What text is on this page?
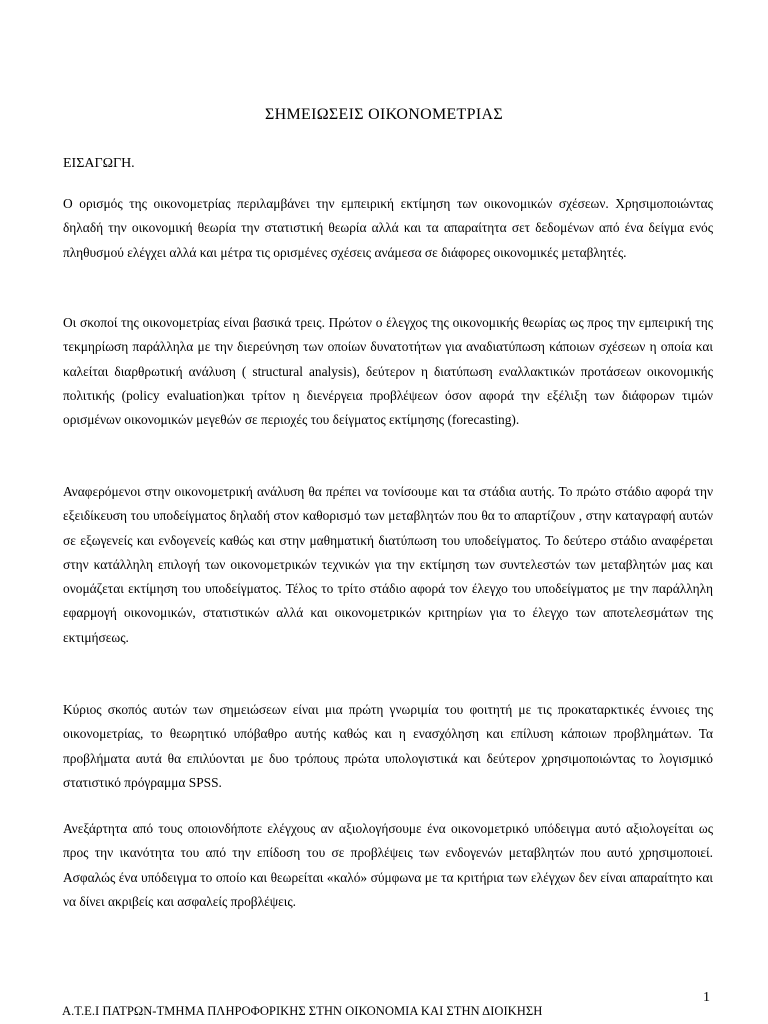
ΣΗΜΕΙΩΣΕΙΣ ΟΙΚΟΝΟΜΕΤΡΙΑΣ
ΕΙΣΑΓΩΓΗ.

Ο ορισμός της οικονομετρίας περιλαμβάνει την εμπειρική εκτίμηση των οικονομικών σχέσεων. Χρησιμοποιώντας δηλαδή την οικονομική θεωρία την στατιστική θεωρία αλλά και τα απαραίτητα σετ δεδομένων από ένα δείγμα ενός πληθυσμού ελέγχει αλλά και μέτρα τις ορισμένες σχέσεις ανάμεσα σε διάφορες οικονομικές μεταβλητές.

Οι σκοποί της οικονομετρίας είναι βασικά τρεις. Πρώτον ο έλεγχος της οικονομικής θεωρίας ως προς την εμπειρική της τεκμηρίωση παράλληλα με την διερεύνηση των οποίων δυνατοτήτων για αναδιατύπωση κάποιων σχέσεων η οποία και καλείται διαρθρωτική ανάλυση ( structural analysis), δεύτερον η διατύπωση εναλλακτικών προτάσεων οικονομικής πολιτικής (policy evaluation)και τρίτον η διενέργεια προβλέψεων όσον αφορά την εξέλιξη των διάφορων τιμών ορισμένων οικονομικών μεγεθών σε περιοχές του δείγματος εκτίμησης (forecasting).

Αναφερόμενοι στην οικονομετρική ανάλυση θα πρέπει να τονίσουμε και τα στάδια αυτής. Το πρώτο στάδιο αφορά την εξειδίκευση του υποδείγματος δηλαδή στον καθορισμό των μεταβλητών που θα το απαρτίζουν , στην καταγραφή αυτών σε εξωγενείς και ενδογενείς καθώς και στην μαθηματική διατύπωση του υποδείγματος. Το δεύτερο στάδιο αναφέρεται στην κατάλληλη επιλογή των οικονομετρικών τεχνικών για την εκτίμηση των συντελεστών των μεταβλητών μας και ονομάζεται εκτίμηση του υποδείγματος. Τέλος το τρίτο στάδιο αφορά τον έλεγχο του υποδείγματος με την παράλληλη εφαρμογή οικονομικών, στατιστικών αλλά και οικονομετρικών κριτηρίων για το έλεγχο των αποτελεσμάτων της εκτιμήσεως.

Κύριος σκοπός αυτών των σημειώσεων είναι μια πρώτη γνωριμία του φοιτητή με τις προκαταρκτικές έννοιες της οικονομετρίας, το θεωρητικό υπόβαθρο αυτής καθώς και η ενασχόληση και επίλυση κάποιων προβλημάτων. Τα προβλήματα αυτά θα επιλύονται με δυο τρόπους πρώτα υπολογιστικά και δεύτερον χρησιμοποιώντας το λογισμικό στατιστικό πρόγραμμα SPSS.

Ανεξάρτητα από τους οποιονδήποτε ελέγχους αν αξιολογήσουμε ένα οικονομετρικό υπόδειγμα αυτό αξιολογείται ως προς την ικανότητα του από την επίδοση του σε προβλέψεις των ενδογενών μεταβλητών που αυτό χρησιμοποιεί. Ασφαλώς ένα υπόδειγμα το οποίο και θεωρείται «καλό» σύμφωνα με τα κριτήρια των ελέγχων δεν είναι απαραίτητο και να δίνει ακριβείς και ασφαλείς προβλέψεις.

1
Α.Τ.Ε.Ι ΠΑΤΡΩΝ-ΤΜΗΜΑ ΠΛΗΡΟΦΟΡΙΚΗΣ ΣΤΗΝ ΟΙΚΟΝΟΜΙΑ ΚΑΙ ΣΤΗΝ ΔΙΟΙΚΗΣΗ
